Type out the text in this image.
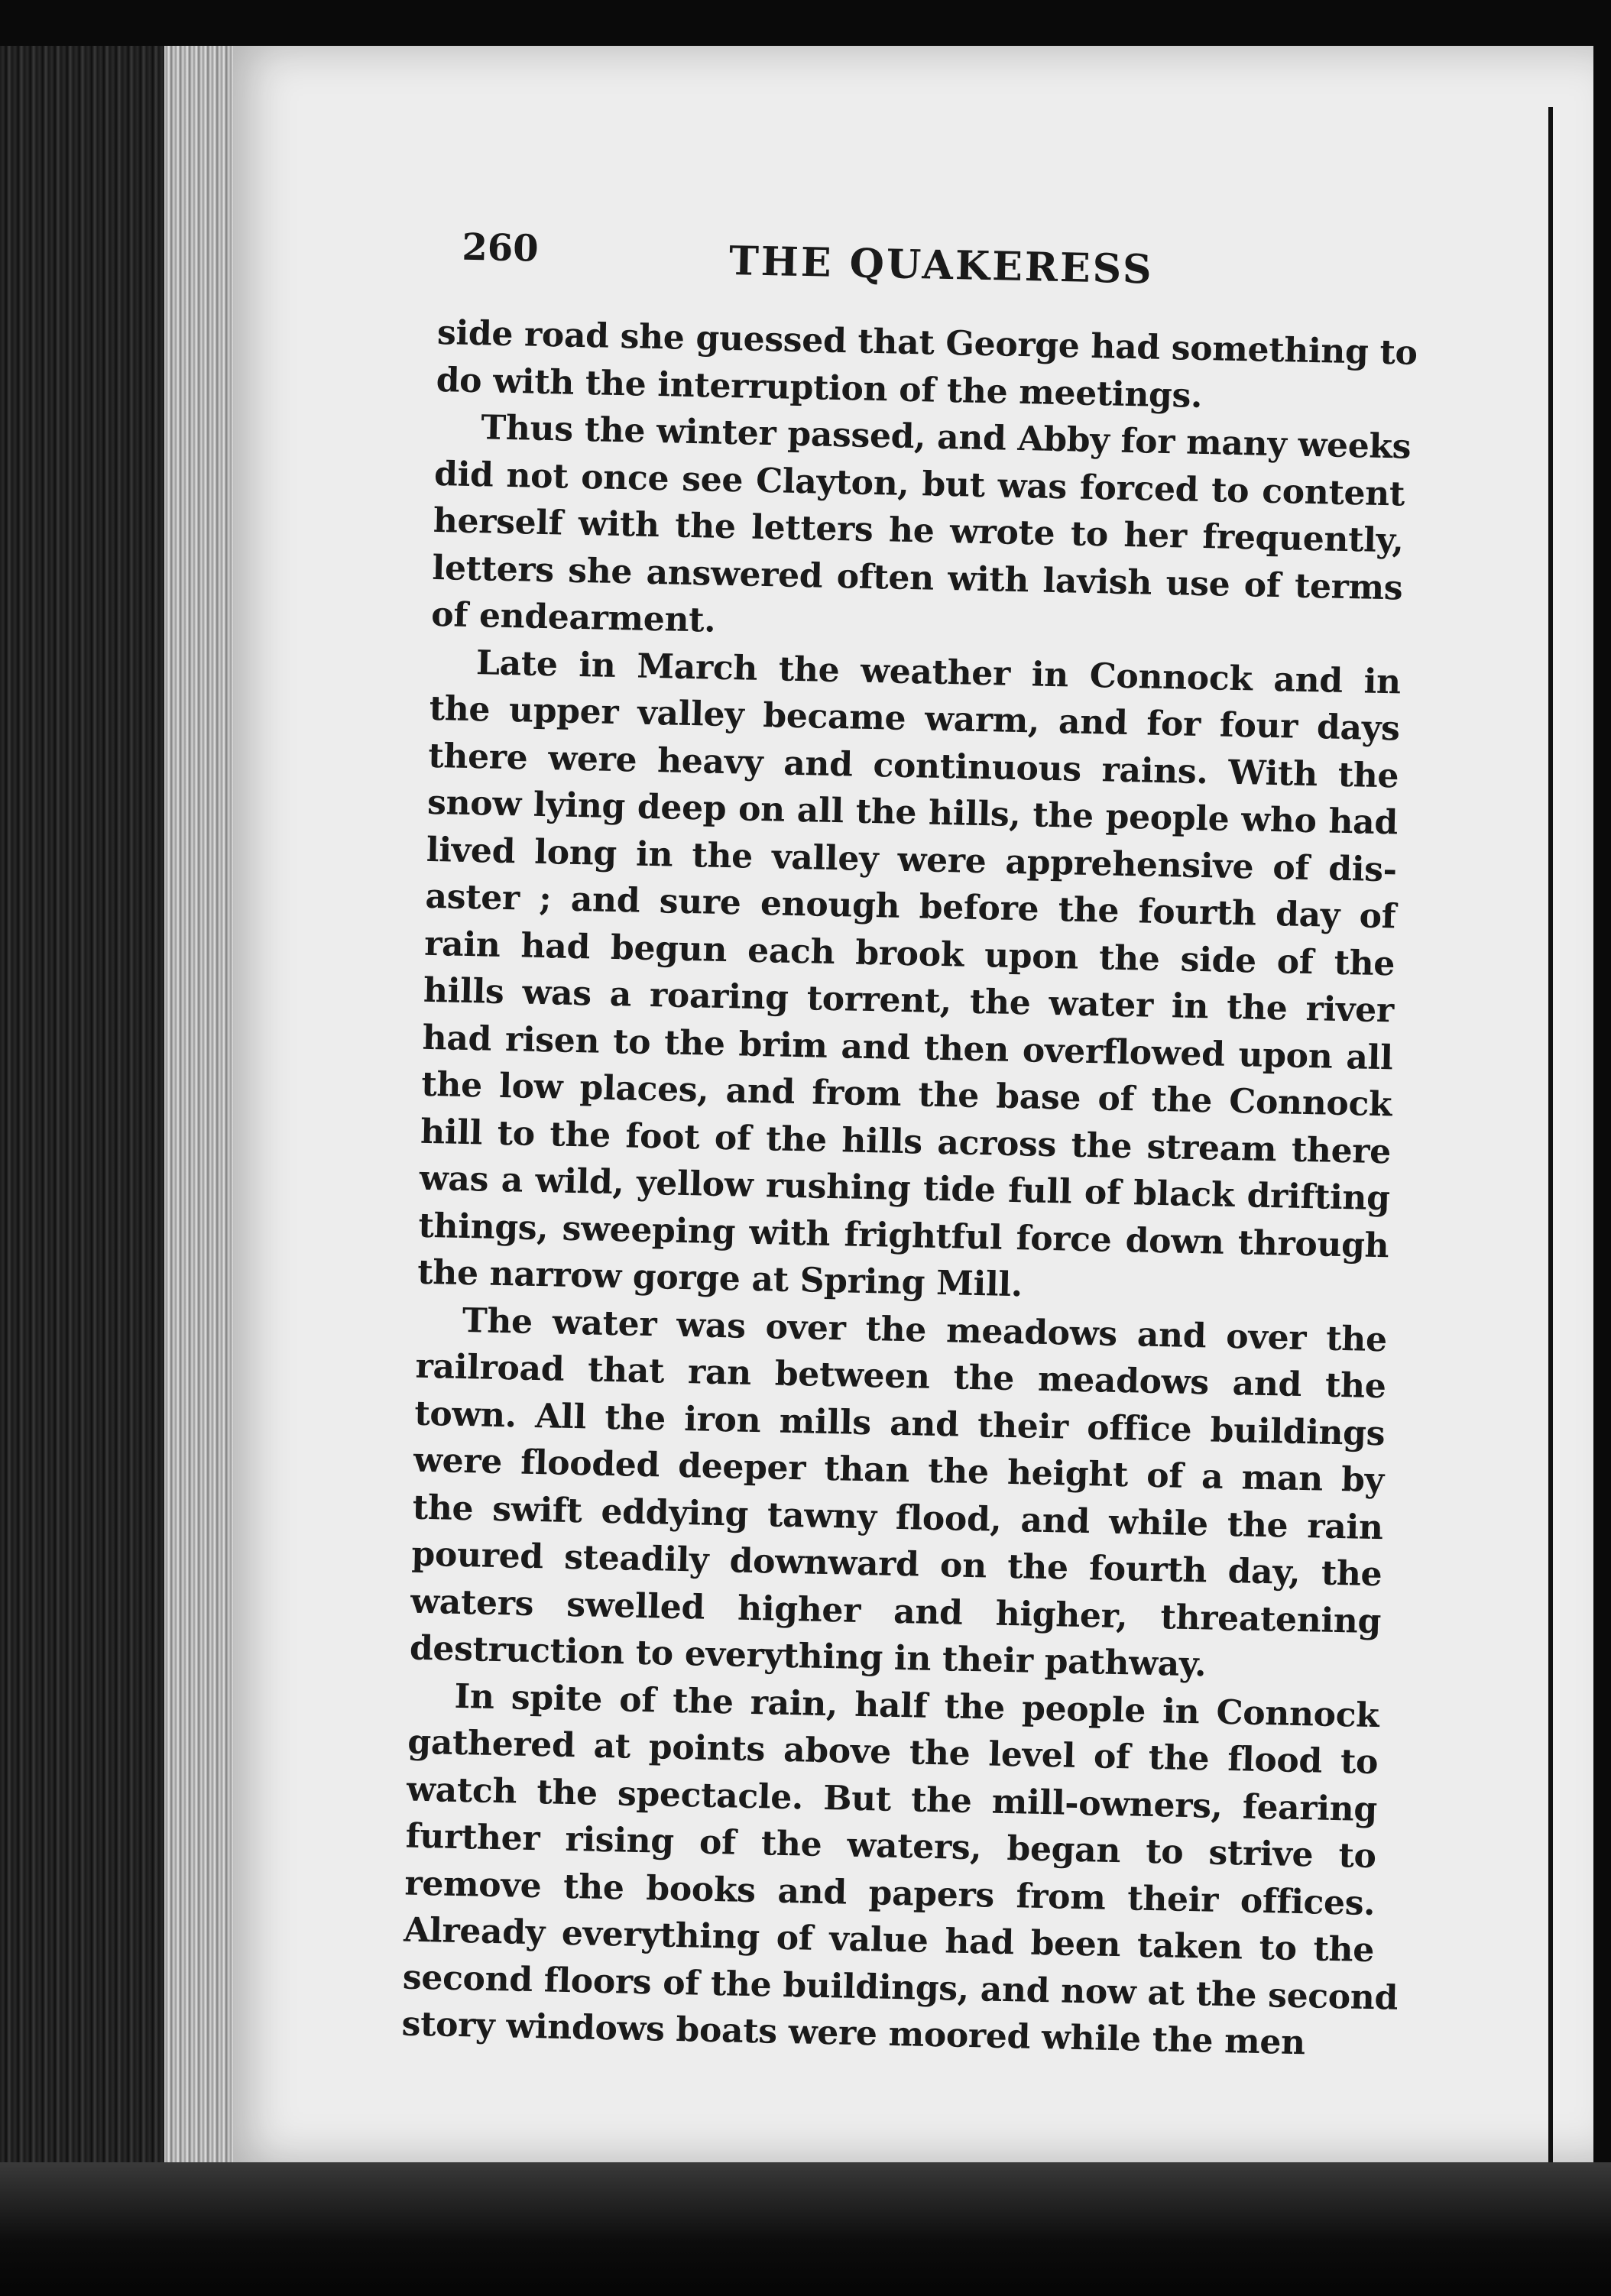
260	THE QUAKERESS
side road she guessed that George had something to
do with the interruption of the meetings.
Thus the winter passed, and Abby for many weeks
did not once see Clayton, but was forced to content
herself with the letters he wrote to her frequently,
letters she answered often with lavish use of terms
of endearment.
Late in March the weather in Connock and in
the upper valley became warm, and for four days
there were heavy and continuous rains. With the
snow lying deep on all the hills, the people who had
lived long in the valley were apprehensive of dis-
aster ; and sure enough before the fourth day of
rain had begun each brook upon the side of the
hills was a roaring torrent, the water in the river
had risen to the brim and then overflowed upon all
the low places, and from the base of the Connock
hill to the foot of the hills across the stream there
was a wild, yellow rushing tide full of black drifting
things, sweeping with frightful force down through
the narrow gorge at Spring Mill.
The water was over the meadows and over the
railroad that ran between the meadows and the
town. All the iron mills and their office buildings
were flooded deeper than the height of a man by
the swift eddying tawny flood, and while the rain
poured steadily downward on the fourth day, the
waters swelled higher and higher, threatening
destruction to everything in their pathway.
In spite of the rain, half the people in Connock
gathered at points above the level of the flood to
watch the spectacle. But the mill-owners, fearing
further rising of the waters, began to strive to
remove the books and papers from their offices.
Already everything of value had been taken to the
second floors of the buildings, and now at the second
story windows boats were moored while the men
